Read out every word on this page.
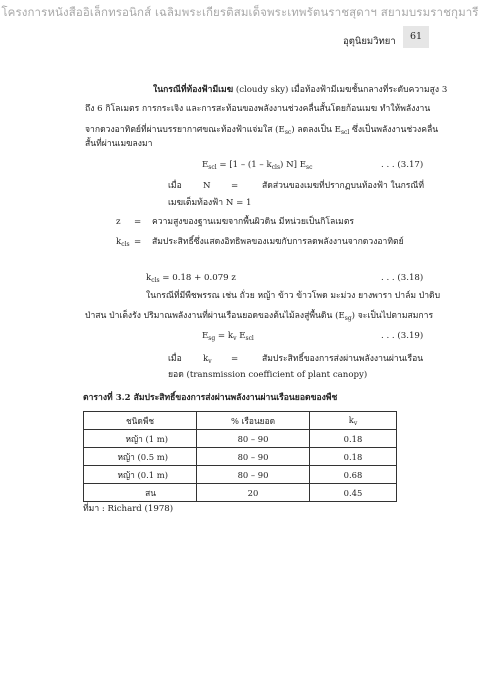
โครงการหนังสืออิเล็กทรอนิกส์ เฉลิมพระเกียรติสมเด็จพระเทพรัตนราชสุดาฯ สยามบรมราชกุมารี
อุตุนิยมวิทยา	61
ในกรณีที่ท้องฟ้ามีเมฆ (cloudy sky) เมื่อท้องฟ้ามีเมฆชั้นกลางที่ระดับความสูง 3
ถึง 6 กิโลเมตร การกระเจิง และการสะท้อนของพลังงานช่วงคลื่นสั้นโดยก้อนเมฆ ทำให้พลังงาน
จากดวงอาทิตย์ที่ผ่านบรรยากาศขณะท้องฟ้าแจ่มใส $(E_{sc})$ ลดลงเป็น $E_{scl}$ ซึ่งเป็นพลังงานช่วงคลื่น
สั้นที่ผ่านเมฆลงมา
$E_{scl} = [1 - (1 - k_{cls})$ N] $E_{sc}$	. . . (3.17)
เมื่อ N =	สัดส่วนของเมฆที่ปรากฏบนท้องฟ้า ในกรณีที่
เมฆเต็มท้องฟ้า N = 1
z = ความสูงของฐานเมฆจากพื้นผิวดิน มีหน่วยเป็นกิโลเมตร
$k_{cls}$ = สัมประสิทธิ์ซึ่งแสดงอิทธิพลของเมฆกับการลดพลังงานจากดวงอาทิตย์
$k_{cls} = 0.18 + 0.079$ z	. . . (3.18)
ในกรณีที่มีพืชพรรณ เช่น ถั่วย หญ้า ข้าว ข้าวโพด มะม่วง ยางพารา ปาล์ม ป่าดิบ
ป่าสน ป่าเต็งรัง ปริมาณพลังงานที่ผ่านเรือนยอดของต้นไม้ลงสู่พื้นดิน $(E_{sg})$ จะเป็นไปตามสมการ
$E_{sg} = k_v$ $E_{scl}$	. . . (3.19)
เมื่อ $k_v$ =	สัมประสิทธิ์ของการส่งผ่านพลังงานผ่านเรือน
ยอด (transmission coefficient of plant canopy)
ตารางที่ 3.2 สัมประสิทธิ์ของการส่งผ่านพลังงานผ่านเรือนยอดของพืช
ชนิดพืช	% เรือนยอด	$k_v$
หญ้า (1 m)	80 – 90	0.18
หญ้า (0.5 m)	80 – 90	0.18
หญ้า (0.1 m)	80 – 90	0.68
สน	20	0.45
ที่มา : Richard (1978)
